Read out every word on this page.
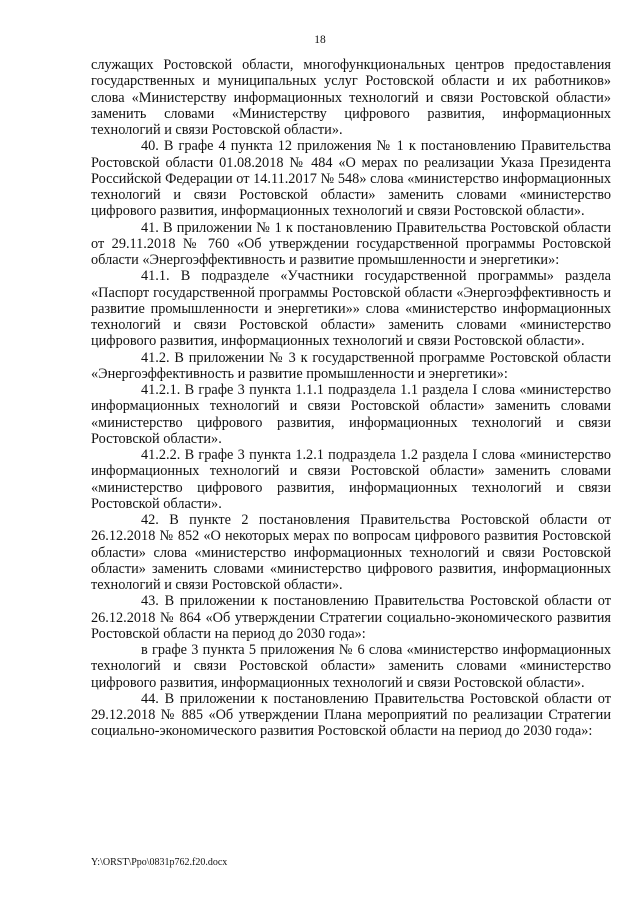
18

служащих Ростовской области, многофункциональных центров предоставления государственных и муниципальных услуг Ростовской области и их работников» слова «Министерству информационных технологий и связи Ростовской области» заменить словами «Министерству цифрового развития, информационных технологий и связи Ростовской области».

40. В графе 4 пункта 12 приложения № 1 к постановлению Правительства Ростовской области 01.08.2018 № 484 «О мерах по реализации Указа Президента Российской Федерации от 14.11.2017 № 548» слова «министерство информационных технологий и связи Ростовской области» заменить словами «министерство цифрового развития, информационных технологий и связи Ростовской области».

41. В приложении № 1 к постановлению Правительства Ростовской области от 29.11.2018 № 760 «Об утверждении государственной программы Ростовской области «Энергоэффективность и развитие промышленности и энергетики»:

41.1. В подразделе «Участники государственной программы» раздела «Паспорт государственной программы Ростовской области «Энергоэффективность и развитие промышленности и энергетики»» слова «министерство информационных технологий и связи Ростовской области» заменить словами «министерство цифрового развития, информационных технологий и связи Ростовской области».

41.2. В приложении № 3 к государственной программе Ростовской области «Энергоэффективность и развитие промышленности и энергетики»:

41.2.1. В графе 3 пункта 1.1.1 подраздела 1.1 раздела I слова «министерство информационных технологий и связи Ростовской области» заменить словами «министерство цифрового развития, информационных технологий и связи Ростовской области».

41.2.2. В графе 3 пункта 1.2.1 подраздела 1.2 раздела I слова «министерство информационных технологий и связи Ростовской области» заменить словами «министерство цифрового развития, информационных технологий и связи Ростовской области».

42. В пункте 2 постановления Правительства Ростовской области от 26.12.2018 № 852 «О некоторых мерах по вопросам цифрового развития Ростовской области» слова «министерство информационных технологий и связи Ростовской области» заменить словами «министерство цифрового развития, информационных технологий и связи Ростовской области».

43. В приложении к постановлению Правительства Ростовской области от 26.12.2018 № 864 «Об утверждении Стратегии социально-экономического развития Ростовской области на период до 2030 года»:

в графе 3 пункта 5 приложения № 6 слова «министерство информационных технологий и связи Ростовской области» заменить словами «министерство цифрового развития, информационных технологий и связи Ростовской области».

44. В приложении к постановлению Правительства Ростовской области от 29.12.2018 № 885 «Об утверждении Плана мероприятий по реализации Стратегии социально-экономического развития Ростовской области на период до 2030 года»:

Y:\ORST\Ppo\0831p762.f20.docx
